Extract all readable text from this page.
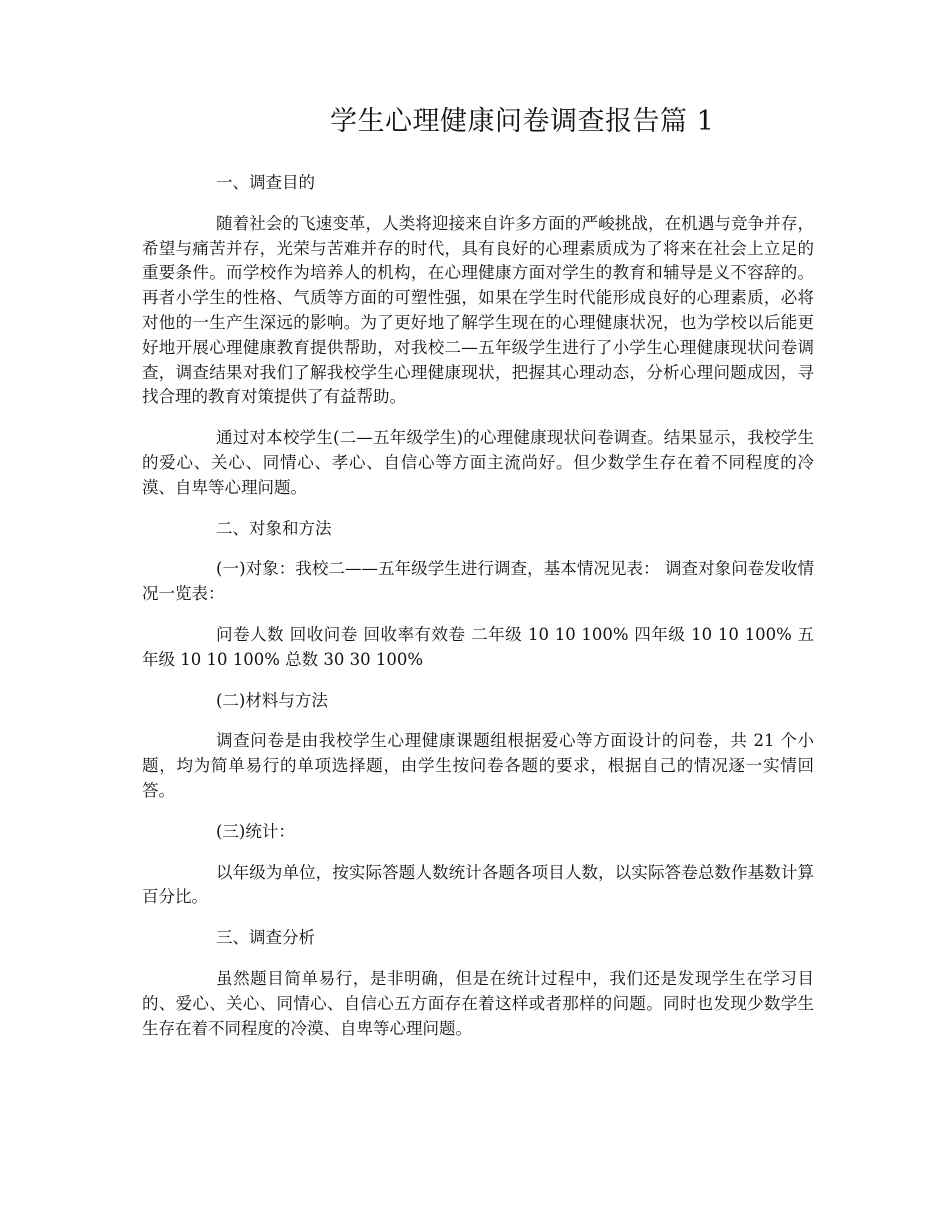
学生心理健康问卷调查报告篇 1

一、调查目的

随着社会的飞速变革，人类将迎接来自许多方面的严峻挑战，在机遇与竞争并存，希望与痛苦并存，光荣与苦难并存的时代，具有良好的心理素质成为了将来在社会上立足的重要条件。而学校作为培养人的机构，在心理健康方面对学生的教育和辅导是义不容辞的。再者小学生的性格、气质等方面的可塑性强，如果在学生时代能形成良好的心理素质，必将对他的一生产生深远的影响。为了更好地了解学生现在的心理健康状况，也为学校以后能更好地开展心理健康教育提供帮助，对我校二—五年级学生进行了小学生心理健康现状问卷调查，调查结果对我们了解我校学生心理健康现状，把握其心理动态，分析心理问题成因，寻找合理的教育对策提供了有益帮助。

通过对本校学生(二—五年级学生)的心理健康现状问卷调查。结果显示，我校学生的爱心、关心、同情心、孝心、自信心等方面主流尚好。但少数学生存在着不同程度的冷漠、自卑等心理问题。

二、对象和方法

(一)对象：我校二——五年级学生进行调查，基本情况见表： 调查对象问卷发收情况一览表：

问卷人数 回收问卷 回收率有效卷 二年级 10 10 100% 四年级 10 10 100% 五年级 10 10 100% 总数 30 30 100%

(二)材料与方法

调查问卷是由我校学生心理健康课题组根据爱心等方面设计的问卷，共 21 个小题，均为简单易行的单项选择题，由学生按问卷各题的要求，根据自己的情况逐一实情回答。

(三)统计：

以年级为单位，按实际答题人数统计各题各项目人数，以实际答卷总数作基数计算百分比。

三、调查分析

虽然题目简单易行，是非明确，但是在统计过程中，我们还是发现学生在学习目的、爱心、关心、同情心、自信心五方面存在着这样或者那样的问题。同时也发现少数学生生存在着不同程度的冷漠、自卑等心理问题。
